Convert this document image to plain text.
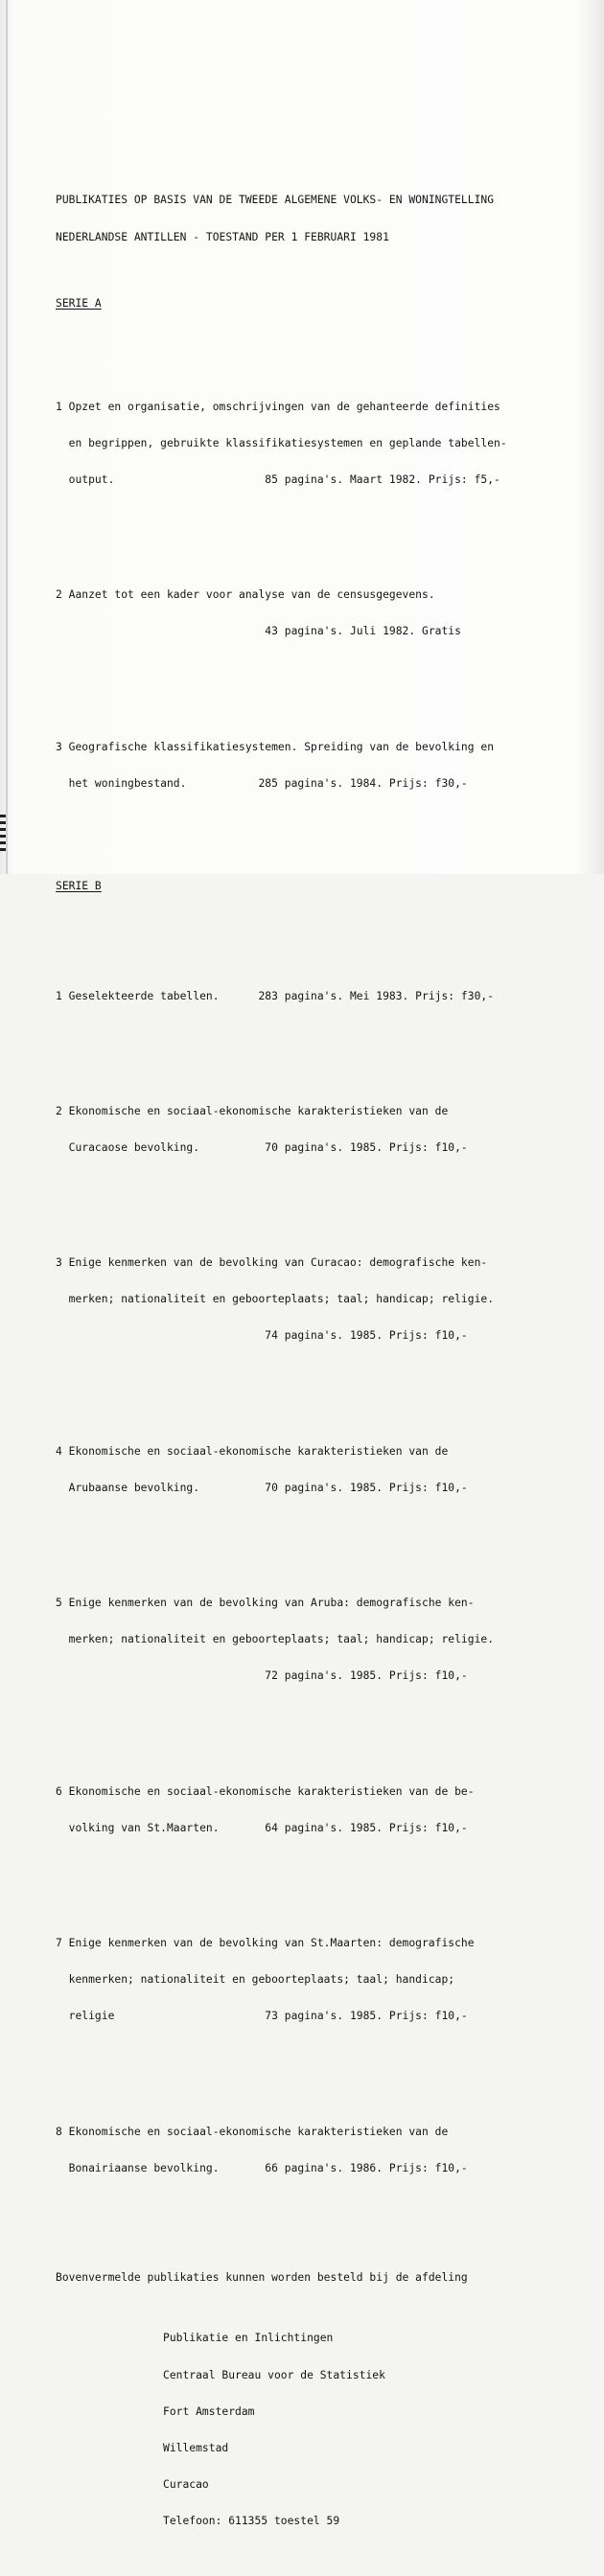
PUBLIKATIES OP BASIS VAN DE TWEEDE ALGEMENE VOLKS- EN WONINGTELLING

NEDERLANDSE ANTILLEN - TOESTAND PER 1 FEBRUARI 1981

SERIE A

1 Opzet en organisatie, omschrijvingen van de gehanteerde definities

en begrippen, gebruikte klassifikatiesystemen en geplande tabellen-

output.                       85 pagina's. Maart 1982. Prijs: f5,-

2 Aanzet tot een kader voor analyse van de censusgegevens.

43 pagina's. Juli 1982. Gratis

3 Geografische klassifikatiesystemen. Spreiding van de bevolking en

het woningbestand.           285 pagina's. 1984. Prijs: f30,-

SERIE B

1 Geselekteerde tabellen.      283 pagina's. Mei 1983. Prijs: f30,-

2 Ekonomische en sociaal-ekonomische karakteristieken van de

Curacaose bevolking.          70 pagina's. 1985. Prijs: f10,-

3 Enige kenmerken van de bevolking van Curacao: demografische ken-

merken; nationaliteit en geboorteplaats; taal; handicap; religie.

74 pagina's. 1985. Prijs: f10,-

4 Ekonomische en sociaal-ekonomische karakteristieken van de

Arubaanse bevolking.          70 pagina's. 1985. Prijs: f10,-

5 Enige kenmerken van de bevolking van Aruba: demografische ken-

merken; nationaliteit en geboorteplaats; taal; handicap; religie.

72 pagina's. 1985. Prijs: f10,-

6 Ekonomische en sociaal-ekonomische karakteristieken van de be-

volking van St.Maarten.       64 pagina's. 1985. Prijs: f10,-

7 Enige kenmerken van de bevolking van St.Maarten: demografische

kenmerken; nationaliteit en geboorteplaats; taal; handicap;

religie                       73 pagina's. 1985. Prijs: f10,-

8 Ekonomische en sociaal-ekonomische karakteristieken van de

Bonairiaanse bevolking.       66 pagina's. 1986. Prijs: f10,-

Bovenvermelde publikaties kunnen worden besteld bij de afdeling

Publikatie en Inlichtingen

Centraal Bureau voor de Statistiek

Fort Amsterdam

Willemstad

Curacao

Telefoon: 611355 toestel 59
